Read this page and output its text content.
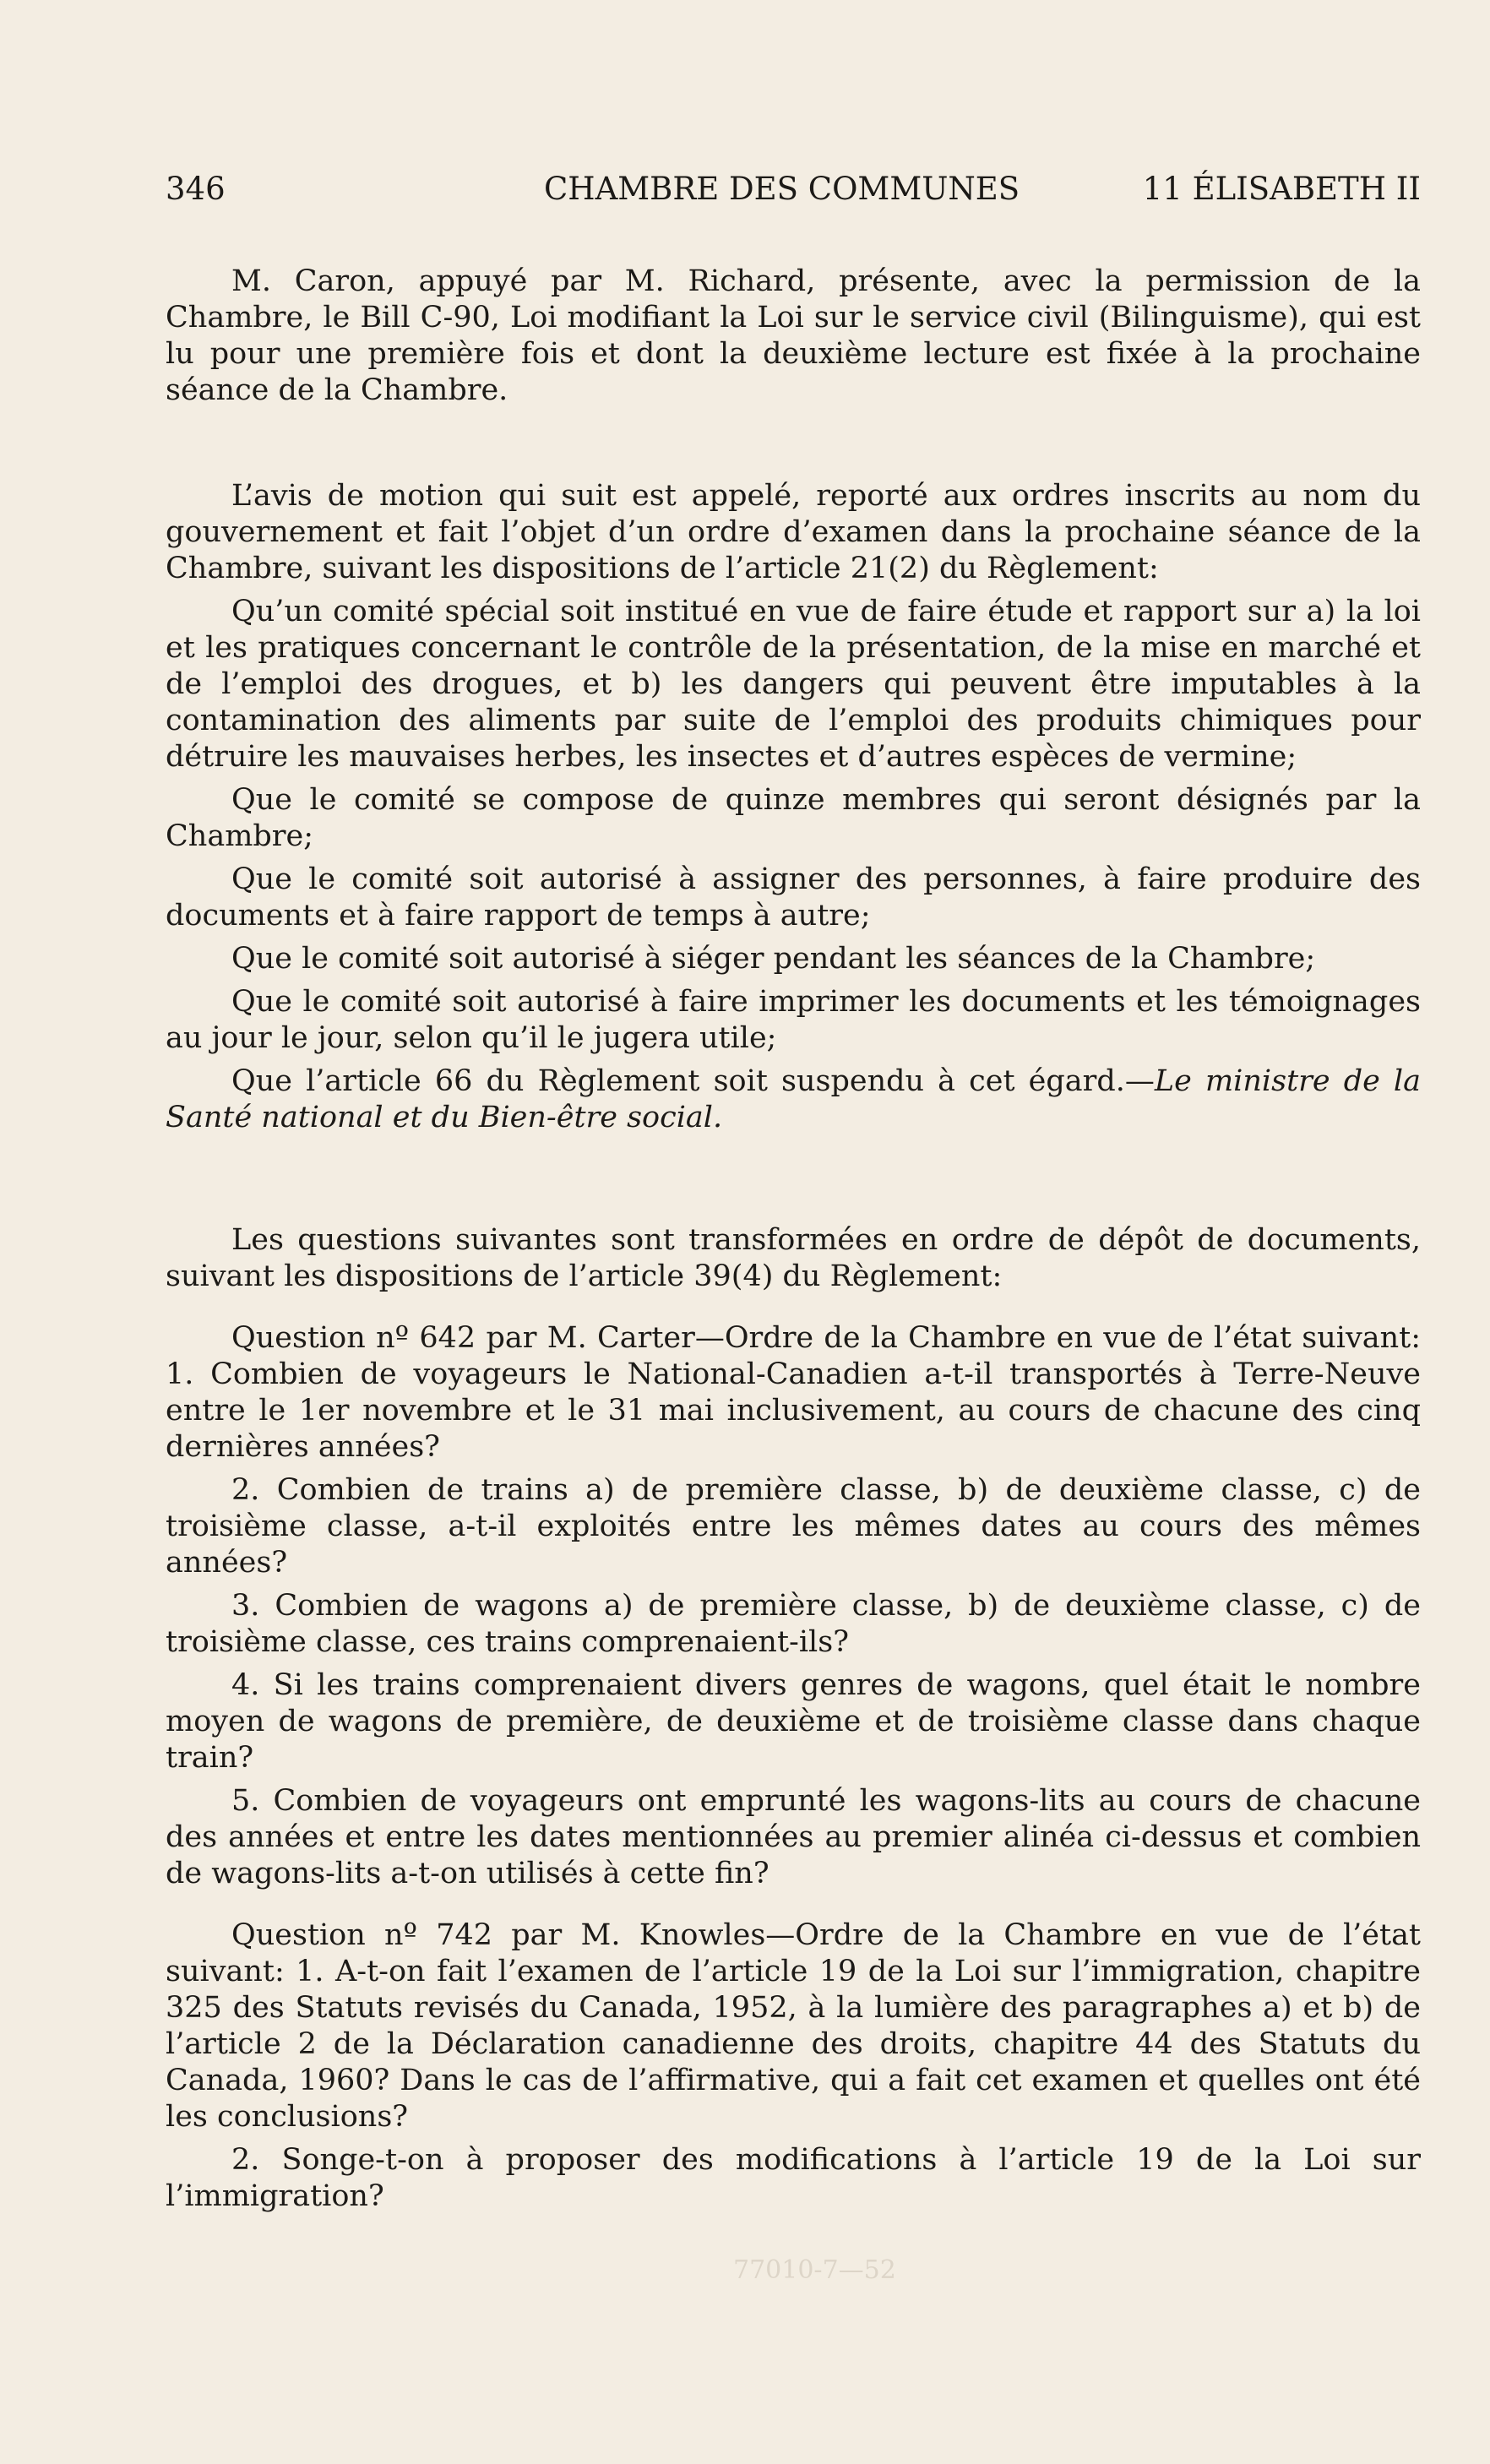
346	CHAMBRE DES COMMUNES	11 ÉLISABETH II

M. Caron, appuyé par M. Richard, présente, avec la permission de la Chambre, le Bill C-90, Loi modifiant la Loi sur le service civil (Bilinguisme), qui est lu pour une première fois et dont la deuxième lecture est fixée à la prochaine séance de la Chambre.

L’avis de motion qui suit est appelé, reporté aux ordres inscrits au nom du gouvernement et fait l’objet d’un ordre d’examen dans la prochaine séance de la Chambre, suivant les dispositions de l’article 21(2) du Règlement:

Qu’un comité spécial soit institué en vue de faire étude et rapport sur a) la loi et les pratiques concernant le contrôle de la présentation, de la mise en marché et de l’emploi des drogues, et b) les dangers qui peuvent être imputables à la contamination des aliments par suite de l’emploi des produits chimiques pour détruire les mauvaises herbes, les insectes et d’autres espèces de vermine;

Que le comité se compose de quinze membres qui seront désignés par la Chambre;

Que le comité soit autorisé à assigner des personnes, à faire produire des documents et à faire rapport de temps à autre;

Que le comité soit autorisé à siéger pendant les séances de la Chambre;

Que le comité soit autorisé à faire imprimer les documents et les témoignages au jour le jour, selon qu’il le jugera utile;

Que l’article 66 du Règlement soit suspendu à cet égard.—Le ministre de la Santé national et du Bien-être social.

Les questions suivantes sont transformées en ordre de dépôt de documents, suivant les dispositions de l’article 39(4) du Règlement:

Question nº 642 par M. Carter—Ordre de la Chambre en vue de l’état suivant: 1. Combien de voyageurs le National-Canadien a-t-il transportés à Terre-Neuve entre le 1er novembre et le 31 mai inclusivement, au cours de chacune des cinq dernières années?

2. Combien de trains a) de première classe, b) de deuxième classe, c) de troisième classe, a-t-il exploités entre les mêmes dates au cours des mêmes années?

3. Combien de wagons a) de première classe, b) de deuxième classe, c) de troisième classe, ces trains comprenaient-ils?

4. Si les trains comprenaient divers genres de wagons, quel était le nombre moyen de wagons de première, de deuxième et de troisième classe dans chaque train?

5. Combien de voyageurs ont emprunté les wagons-lits au cours de chacune des années et entre les dates mentionnées au premier alinéa ci-dessus et combien de wagons-lits a-t-on utilisés à cette fin?

Question nº 742 par M. Knowles—Ordre de la Chambre en vue de l’état suivant: 1. A-t-on fait l’examen de l’article 19 de la Loi sur l’immigration, chapitre 325 des Statuts revisés du Canada, 1952, à la lumière des paragraphes a) et b) de l’article 2 de la Déclaration canadienne des droits, chapitre 44 des Statuts du Canada, 1960? Dans le cas de l’affirmative, qui a fait cet examen et quelles ont été les conclusions?

2. Songe-t-on à proposer des modifications à l’article 19 de la Loi sur l’immigration?

77010-7—52
